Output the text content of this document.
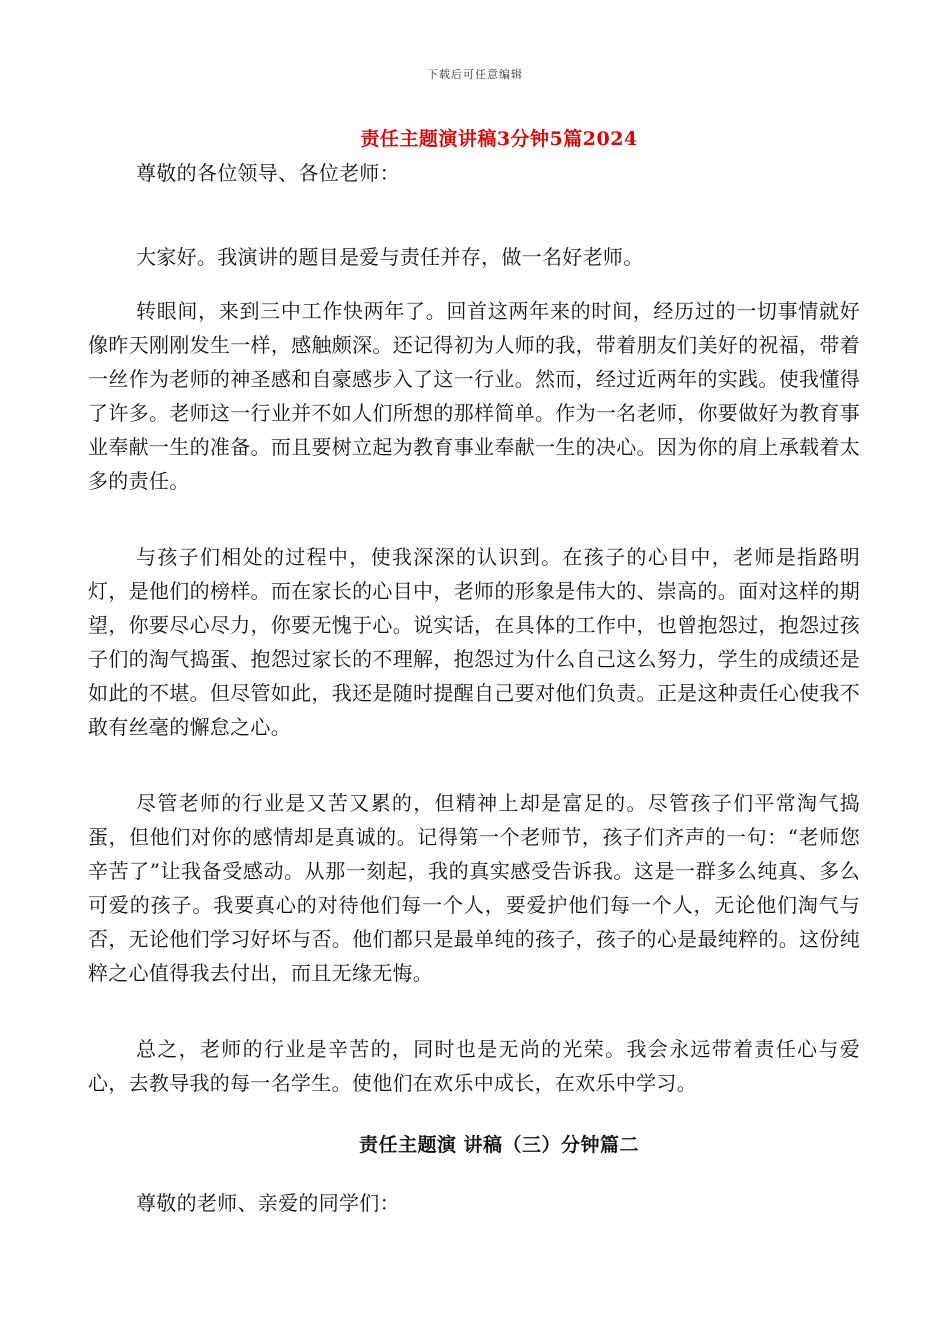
下载后可任意编辑
责任主题演讲稿3分钟5篇2024

尊敬的各位领导、各位老师：

大家好。我演讲的题目是爱与责任并存，做一名好老师。

转眼间，来到三中工作快两年了。回首这两年来的时间，经历过的一切事情就好像昨天刚刚发生一样，感触颇深。还记得初为人师的我，带着朋友们美好的祝福，带着一丝作为老师的神圣感和自豪感步入了这一行业。然而，经过近两年的实践。使我懂得了许多。老师这一行业并不如人们所想的那样简单。作为一名老师，你要做好为教育事业奉献一生的准备。而且要树立起为教育事业奉献一生的决心。因为你的肩上承载着太多的责任。

与孩子们相处的过程中，使我深深的认识到。在孩子的心目中，老师是指路明灯，是他们的榜样。而在家长的心目中，老师的形象是伟大的、崇高的。面对这样的期望，你要尽心尽力，你要无愧于心。说实话，在具体的工作中，也曾抱怨过，抱怨过孩子们的淘气捣蛋、抱怨过家长的不理解，抱怨过为什么自己这么努力，学生的成绩还是如此的不堪。但尽管如此，我还是随时提醒自己要对他们负责。正是这种责任心使我不敢有丝毫的懈怠之心。

尽管老师的行业是又苦又累的，但精神上却是富足的。尽管孩子们平常淘气捣蛋，但他们对你的感情却是真诚的。记得第一个老师节，孩子们齐声的一句：“老师您辛苦了”让我备受感动。从那一刻起，我的真实感受告诉我。这是一群多么纯真、多么可爱的孩子。我要真心的对待他们每一个人，要爱护他们每一个人，无论他们淘气与否，无论他们学习好坏与否。他们都只是最单纯的孩子，孩子的心是最纯粹的。这份纯粹之心值得我去付出，而且无缘无悔。

总之，老师的行业是辛苦的，同时也是无尚的光荣。我会永远带着责任心与爱心，去教导我的每一名学生。使他们在欢乐中成长，在欢乐中学习。

责任主题演 讲稿（三）分钟篇二

尊敬的老师、亲爱的同学们：
